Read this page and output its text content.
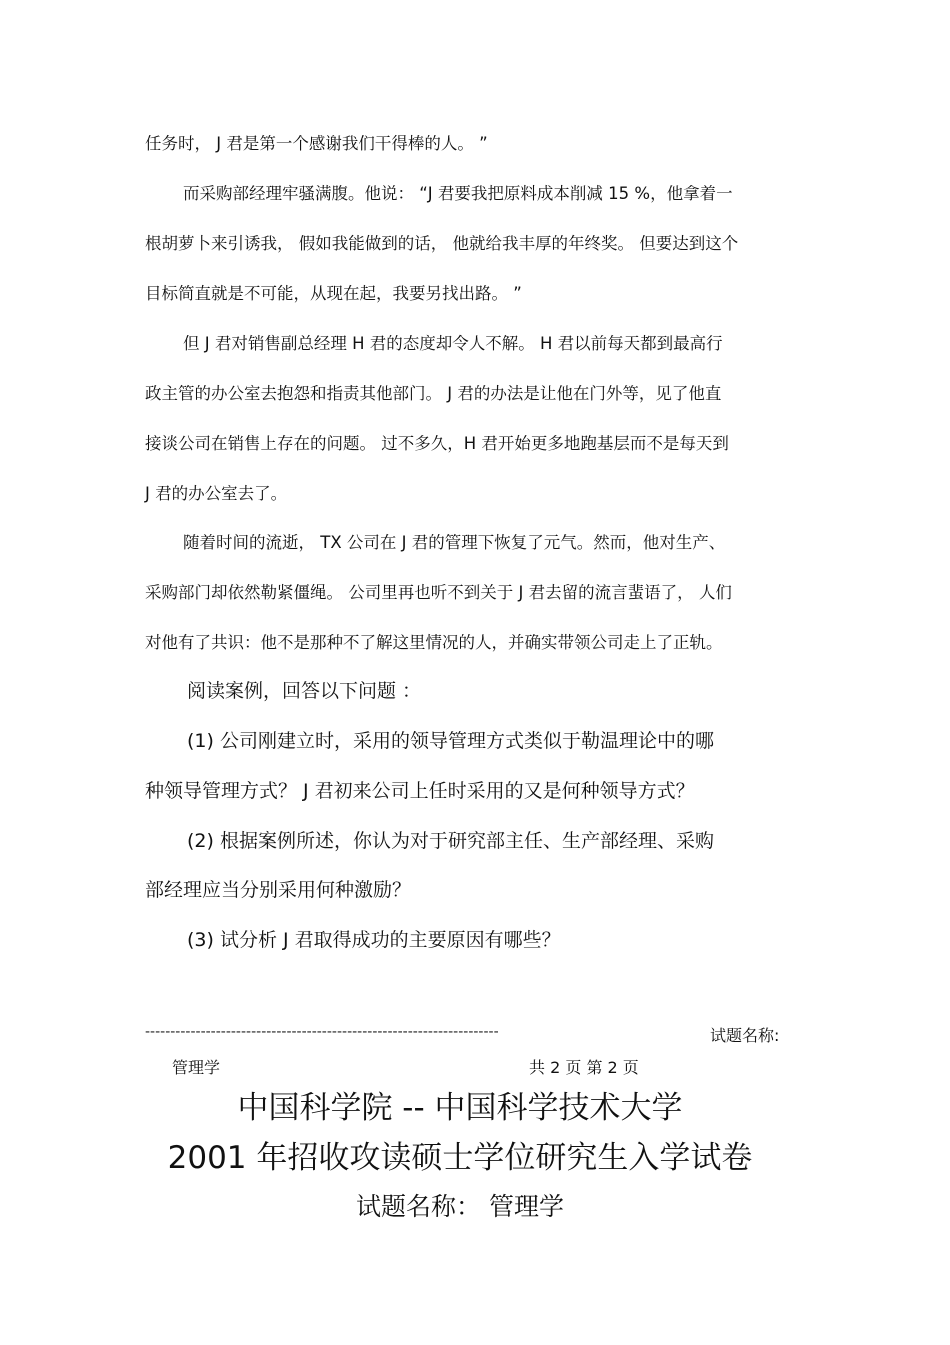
任务时， J 君是第一个感谢我们干得棒的人。 ”

而采购部经理牢骚满腹。他说： “J 君要我把原料成本削减 15 %，他拿着一

根胡萝卜来引诱我， 假如我能做到的话， 他就给我丰厚的年终奖。 但要达到这个

目标简直就是不可能，从现在起，我要另找出路。 ”

但 J 君对销售副总经理 H 君的态度却令人不解。 H 君以前每天都到最高行

政主管的办公室去抱怨和指责其他部门。 J 君的办法是让他在门外等，见了他直

接谈公司在销售上存在的问题。 过不多久，H 君开始更多地跑基层而不是每天到

J 君的办公室去了。

随着时间的流逝， TX 公司在 J 君的管理下恢复了元气。然而，他对生产、

采购部门却依然勒紧僵绳。 公司里再也听不到关于 J 君去留的流言蜚语了， 人们

对他有了共识：他不是那种不了解这里情况的人，并确实带领公司走上了正轨。

阅读案例，回答以下问题 ：

(1) 公司刚建立时，采用的领导管理方式类似于勒温理论中的哪

种领导管理方式？ J 君初来公司上任时采用的又是何种领导方式？

(2) 根据案例所述，你认为对于研究部主任、生产部经理、采购

部经理应当分别采用何种激励？

(3) 试分析 J 君取得成功的主要原因有哪些？

----------------------------------------------------------------------	试题名称:
管理学	共 2 页 第 2 页
中国科学院 -- 中国科学技术大学
2001 年招收攻读硕士学位研究生入学试卷
试题名称： 管理学
